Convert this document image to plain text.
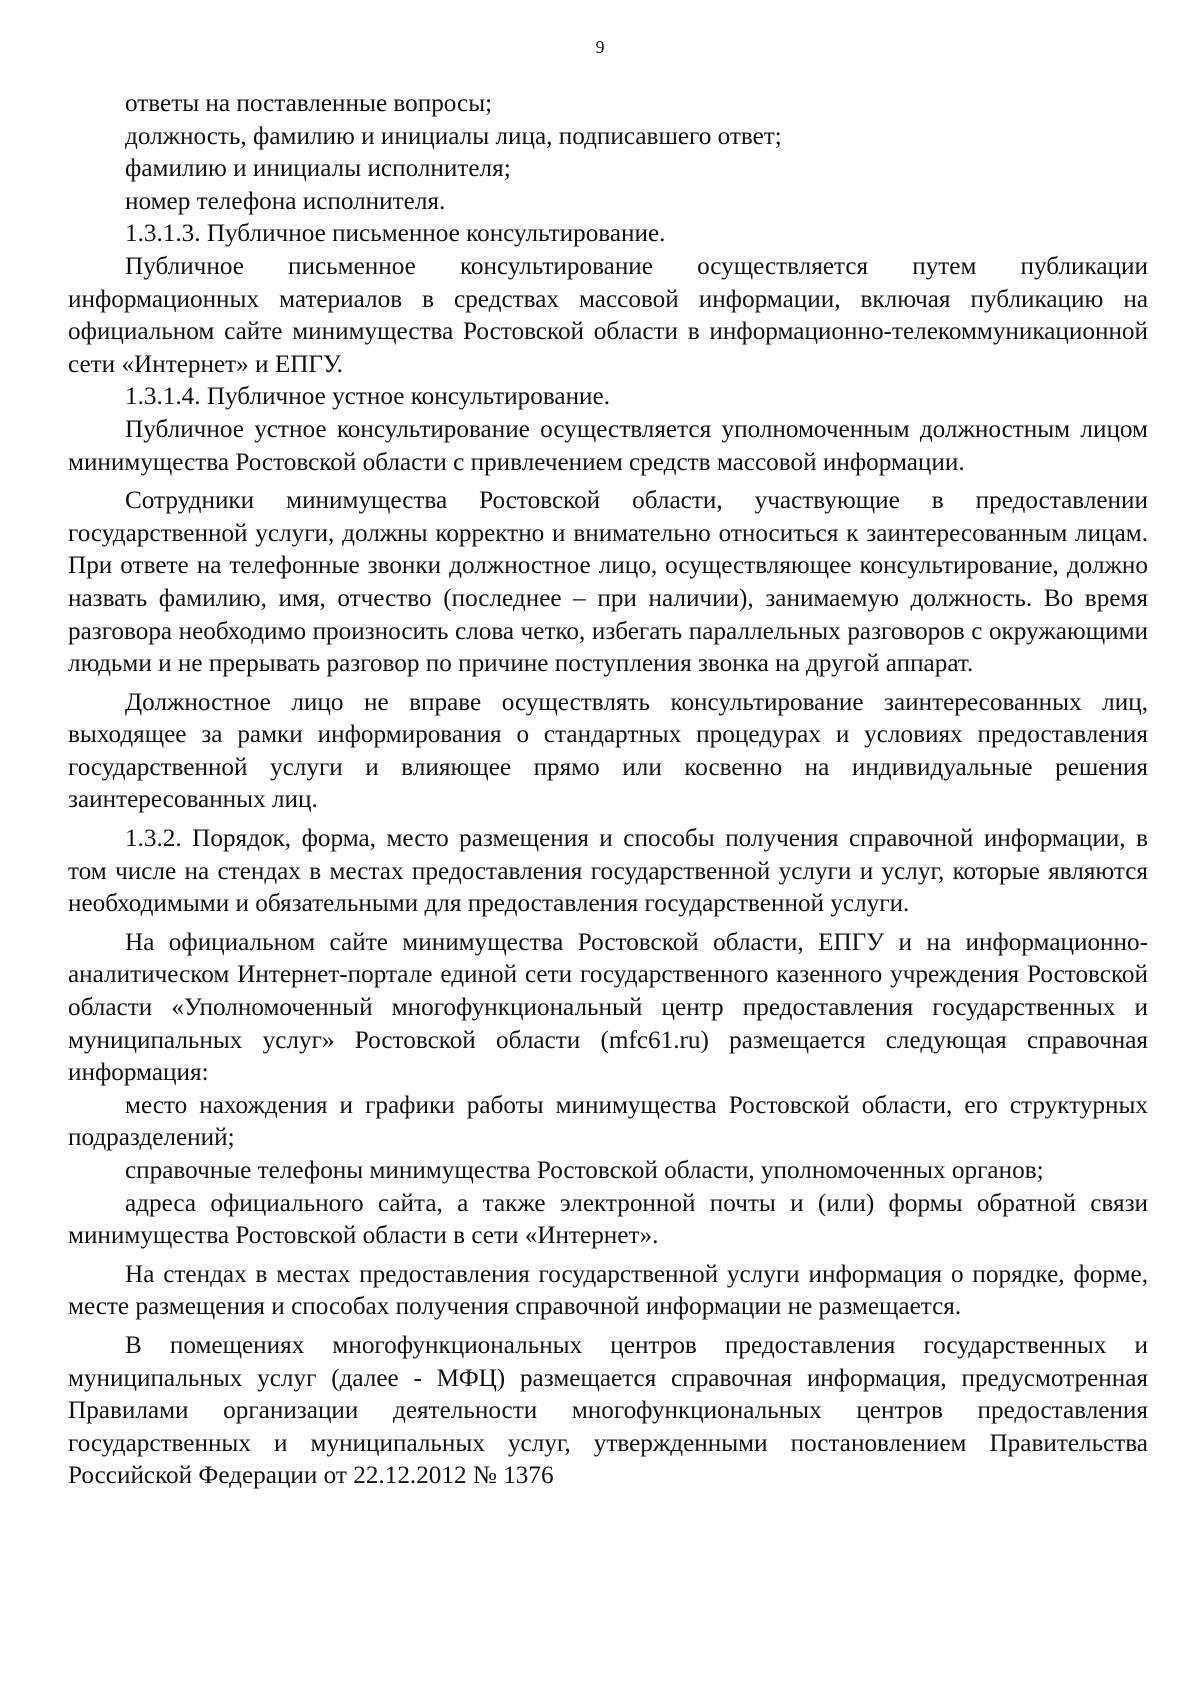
9

ответы на поставленные вопросы;

должность, фамилию и инициалы лица, подписавшего ответ;

фамилию и инициалы исполнителя;

номер телефона исполнителя.

1.3.1.3. Публичное письменное консультирование.

Публичное письменное консультирование осуществляется путем публикации информационных материалов в средствах массовой информации, включая публикацию на официальном сайте минимущества Ростовской области в информационно-телекоммуникационной сети «Интернет» и ЕПГУ.

1.3.1.4. Публичное устное консультирование.

Публичное устное консультирование осуществляется уполномоченным должностным лицом минимущества Ростовской области с привлечением средств массовой информации.

Сотрудники минимущества Ростовской области, участвующие в предоставлении государственной услуги, должны корректно и внимательно относиться к заинтересованным лицам. При ответе на телефонные звонки должностное лицо, осуществляющее консультирование, должно назвать фамилию, имя, отчество (последнее – при наличии), занимаемую должность. Во время разговора необходимо произносить слова четко, избегать параллельных разговоров с окружающими людьми и не прерывать разговор по причине поступления звонка на другой аппарат.

Должностное лицо не вправе осуществлять консультирование заинтересованных лиц, выходящее за рамки информирования о стандартных процедурах и условиях предоставления государственной услуги и влияющее прямо или косвенно на индивидуальные решения заинтересованных лиц.

1.3.2. Порядок, форма, место размещения и способы получения справочной информации, в том числе на стендах в местах предоставления государственной услуги и услуг, которые являются необходимыми и обязательными для предоставления государственной услуги.

На официальном сайте минимущества Ростовской области, ЕПГУ и на информационно-аналитическом Интернет-портале единой сети государственного казенного учреждения Ростовской области «Уполномоченный многофункциональный центр предоставления государственных и муниципальных услуг» Ростовской области (mfc61.ru) размещается следующая справочная информация:

место нахождения и графики работы минимущества Ростовской области, его структурных подразделений;

справочные телефоны минимущества Ростовской области, уполномоченных органов;

адреса официального сайта, а также электронной почты и (или) формы обратной связи минимущества Ростовской области в сети «Интернет».

На стендах в местах предоставления государственной услуги информация о порядке, форме, месте размещения и способах получения справочной информации не размещается.

В помещениях многофункциональных центров предоставления государственных и муниципальных услуг (далее - МФЦ) размещается справочная информация, предусмотренная Правилами организации деятельности многофункциональных центров предоставления государственных и муниципальных услуг, утвержденными постановлением Правительства Российской Федерации от 22.12.2012 № 1376
